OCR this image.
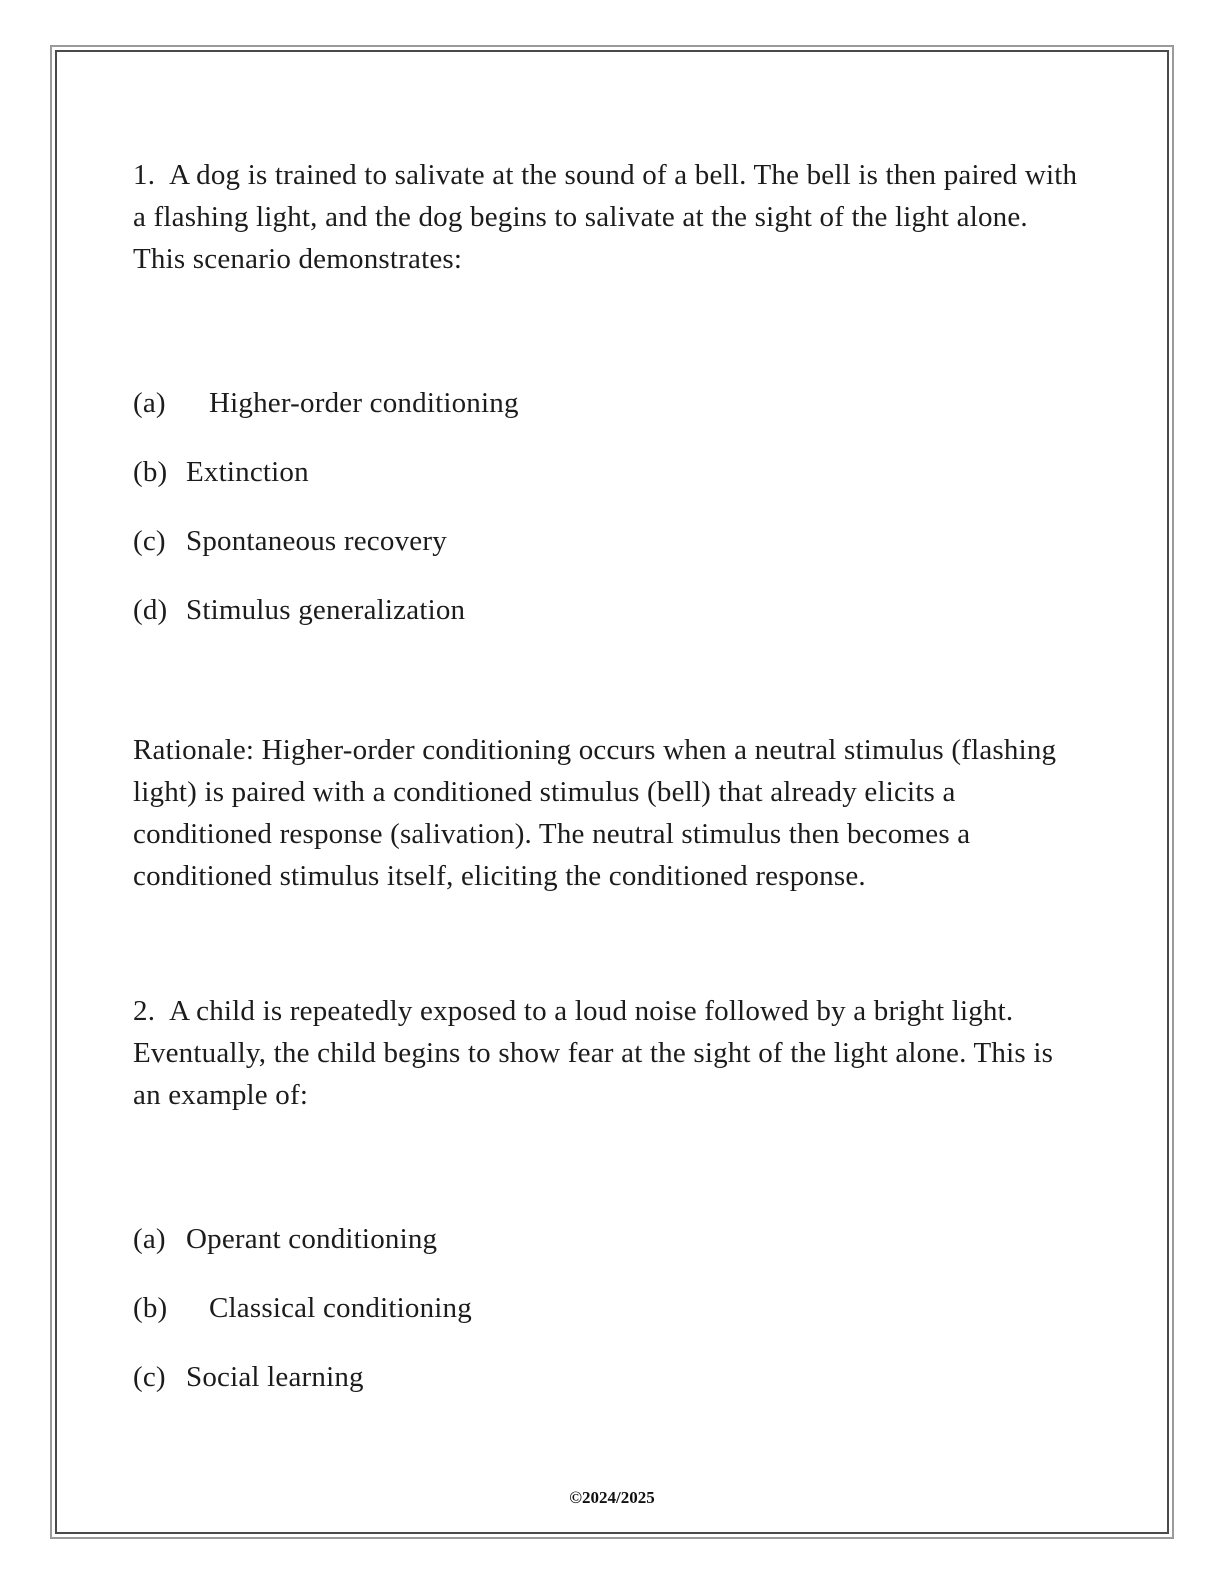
1. A dog is trained to salivate at the sound of a bell. The bell is then paired with a flashing light, and the dog begins to salivate at the sight of the light alone. This scenario demonstrates:

(a) Higher-order conditioning
(b) Extinction
(c) Spontaneous recovery
(d) Stimulus generalization

Rationale: Higher-order conditioning occurs when a neutral stimulus (flashing light) is paired with a conditioned stimulus (bell) that already elicits a conditioned response (salivation). The neutral stimulus then becomes a conditioned stimulus itself, eliciting the conditioned response.

2. A child is repeatedly exposed to a loud noise followed by a bright light. Eventually, the child begins to show fear at the sight of the light alone. This is an example of:

(a) Operant conditioning
(b) Classical conditioning
(c) Social learning
©2024/2025
